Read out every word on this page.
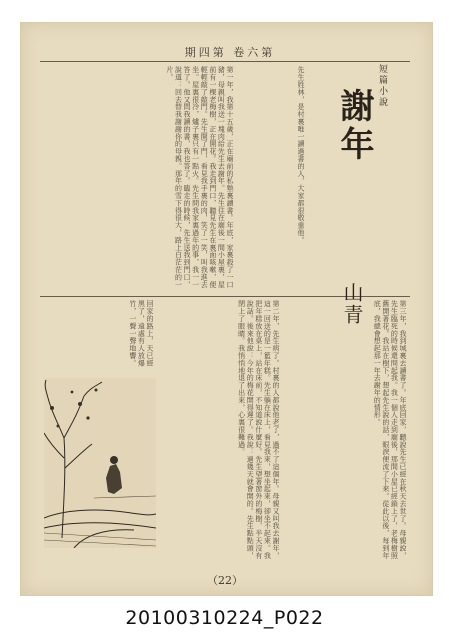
期四第 卷六第
短篇小說
謝年
山青
第一年，我第十五歲，正在廟前的私塾裏讀書。年底，家裏殺了一口豬，母親叫我送一塊肉給先生去謝年。先生住在廟後一間小屋裏，屋前有一棵老梅樹，正在開花。我走到門口，聽見先生在裏面咳嗽，便輕輕敲了敲門。先生開了門，看見我手裏的肉，笑了一笑，叫我進去坐。屋裏很冷，爐子裏只有一點火。先生問我家裏過年的事，我一一答了。他又問我讀的書，我也答了。臨走的時候，先生送我到門口，說道：回去替我謝謝你的母親。那年的雪下得很大，路上白茫茫的一片。	先生姓林，是村裏唯一讀過書的人，大家都很敬重他。
回家的路上，天已經黑了，遠處有人放爆竹，一聲一聲地響。	第二年，先生病了。村裏的人都說他老了，過不了這個年。母親又叫我去謝年，這一回送的是一籃年糕。先生躺在床上，看見我來，想坐起來，卻坐不起來。我把年糕放在桌上，站在床前，不知道說什麼好。先生望著窗外的梅樹，半天沒有說話。後來他說：今年的梅花開得遲了。我說：過幾天就會開的。先生點點頭，閉上了眼睛。我悄悄地退了出來，心裏很難過。	第三年，我到城裏去讀書了。年底回家，聽說先生已經在秋天去世了。母親說，先生臨死的時候還問起我。我一個人走到廟後，那間小屋已經鎖上了，老梅樹照舊開著花。我站在樹下，想起先生說的話，眼淚便流了下來。從此以後，每到年底，我總會想起那一年去謝年的情形。
（22）
20100310224_P022
